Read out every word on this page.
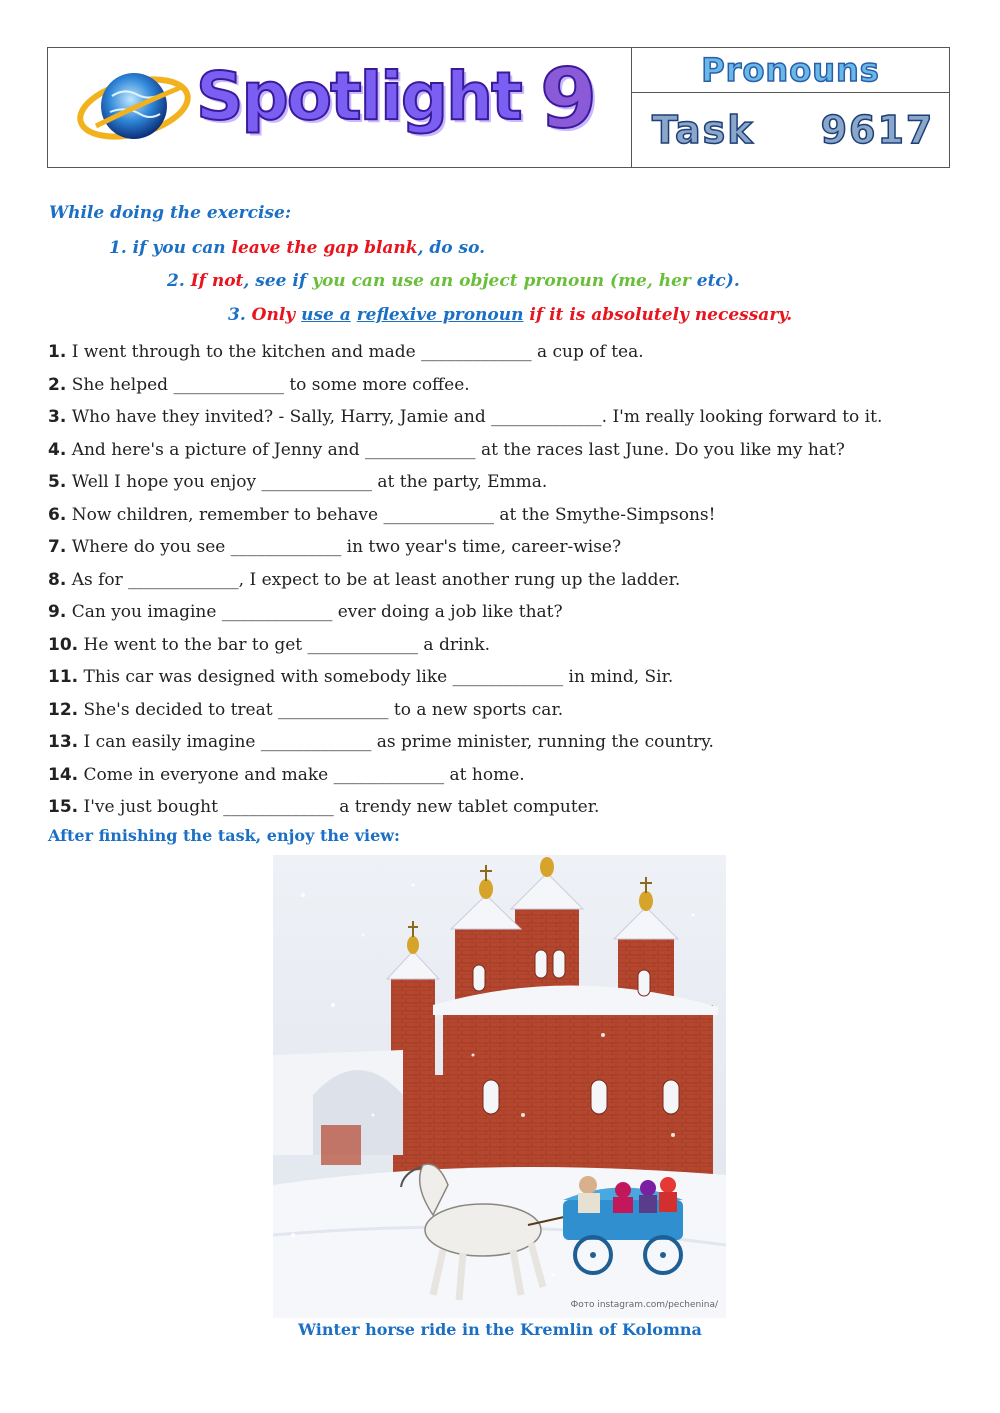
Spotlight 9	Pronouns
Task 9617
While doing the exercise:
1. if you can leave the gap blank, do so.
2. If not, see if you can use an object pronoun (me, her etc).
3. Only use a reflexive pronoun if it is absolutely necessary.
1. I went through to the kitchen and made _____________ a cup of tea.
2. She helped _____________ to some more coffee.
3. Who have they invited? - Sally, Harry, Jamie and _____________. I'm really looking forward to it.
4. And here's a picture of Jenny and _____________ at the races last June. Do you like my hat?
5. Well I hope you enjoy _____________ at the party, Emma.
6. Now children, remember to behave _____________ at the Smythe-Simpsons!
7. Where do you see _____________ in two year's time, career-wise?
8. As for _____________, I expect to be at least another rung up the ladder.
9. Can you imagine _____________ ever doing a job like that?
10. He went to the bar to get _____________ a drink.
11. This car was designed with somebody like _____________ in mind, Sir.
12. She's decided to treat _____________ to a new sports car.
13. I can easily imagine _____________ as prime minister, running the country.
14. Come in everyone and make _____________ at home.
15. I've just bought _____________ a trendy new tablet computer.
After finishing the task, enjoy the view:
Фото instagram.com/pechenina/
Winter horse ride in the Kremlin of Kolomna
